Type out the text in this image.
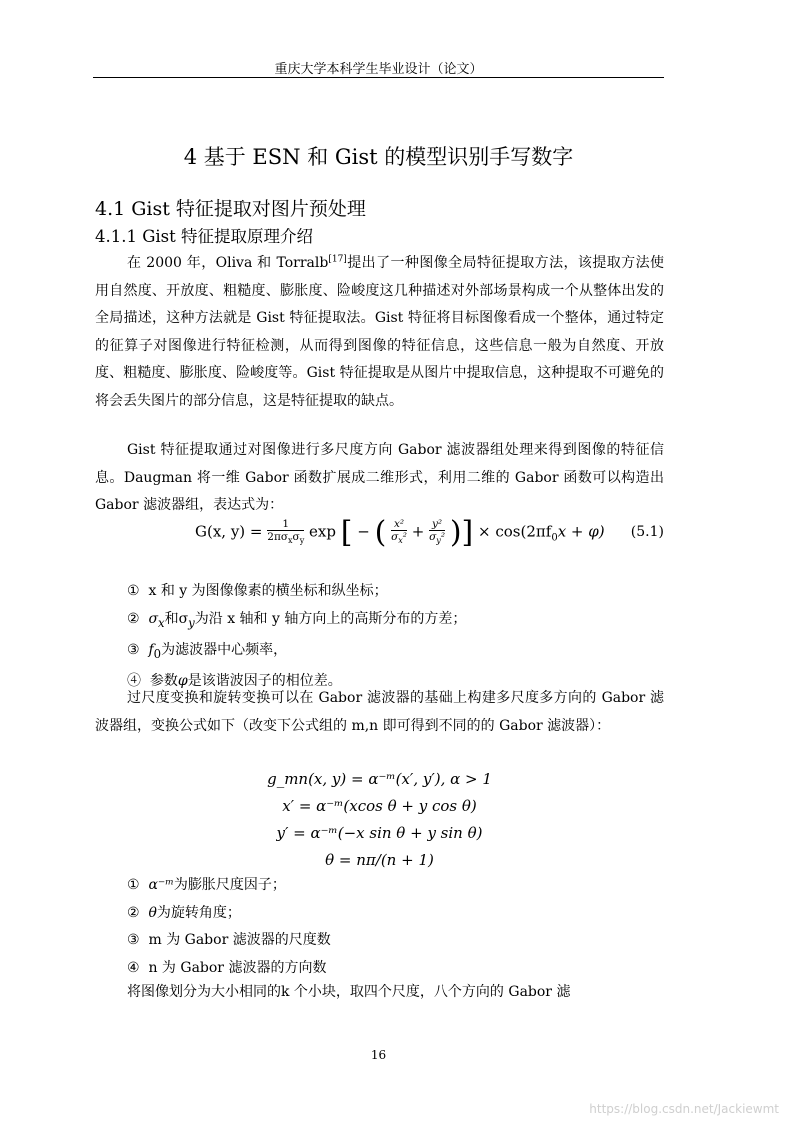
重庆大学本科学生毕业设计（论文）
4 基于 ESN 和 Gist 的模型识别手写数字
4.1 Gist 特征提取对图片预处理
4.1.1 Gist 特征提取原理介绍

在 2000 年，Oliva 和 Torralb[17]提出了一种图像全局特征提取方法，该提取方法使用自然度、开放度、粗糙度、膨胀度、险峻度这几种描述对外部场景构成一个从整体出发的全局描述，这种方法就是 Gist 特征提取法。Gist 特征将目标图像看成一个整体，通过特定的征算子对图像进行特征检测，从而得到图像的特征信息，这些信息一般为自然度、开放度、粗糙度、膨胀度、险峻度等。Gist 特征提取是从图片中提取信息，这种提取不可避免的将会丢失图片的部分信息，这是特征提取的缺点。

Gist 特征提取通过对图像进行多尺度方向 Gabor 滤波器组处理来得到图像的特征信息。Daugman 将一维 Gabor 函数扩展成二维形式，利用二维的 Gabor 函数可以构造出 Gabor 滤波器组，表达式为：

G(x, $y) = \frac{1}{2\pi\sigma_x\sigma_y}$ exp [ − ( $\frac{\text{x²}}{\sigma_x^2} + \frac{\text{y²}}{\sigma_y^2}$ )] × $\cos(2\pi f_0x + \varphi)$ (5.1)
① x 和 y 为图像像素的横坐标和纵坐标；
② $\sigma_x$和$\sigma_y$为沿 x 轴和 y 轴方向上的高斯分布的方差；
③ $f_0$为滤波器中心频率，
④ 参数φ是该谐波因子的相位差。

过尺度变换和旋转变换可以在 Gabor 滤波器的基础上构建多尺度多方向的 Gabor 滤波器组，变换公式如下（改变下公式组的 m,n 即可得到不同的的 Gabor 滤波器）：

g_mn(x, y) = α⁻ᵐ(x′, y′), α > 1
x′ = α⁻ᵐ(xcos θ + y cos θ)
y′ = α⁻ᵐ(−x sin θ + y sin θ)
θ = nπ/(n + 1)
① α⁻ᵐ为膨胀尺度因子；
② θ为旋转角度；
③ m 为 Gabor 滤波器的尺度数
④ n 为 Gabor 滤波器的方向数

将图像划分为大小相同的k 个小块，取四个尺度，八个方向的 Gabor 滤

16
https://blog.csdn.net/Jackiewmt
